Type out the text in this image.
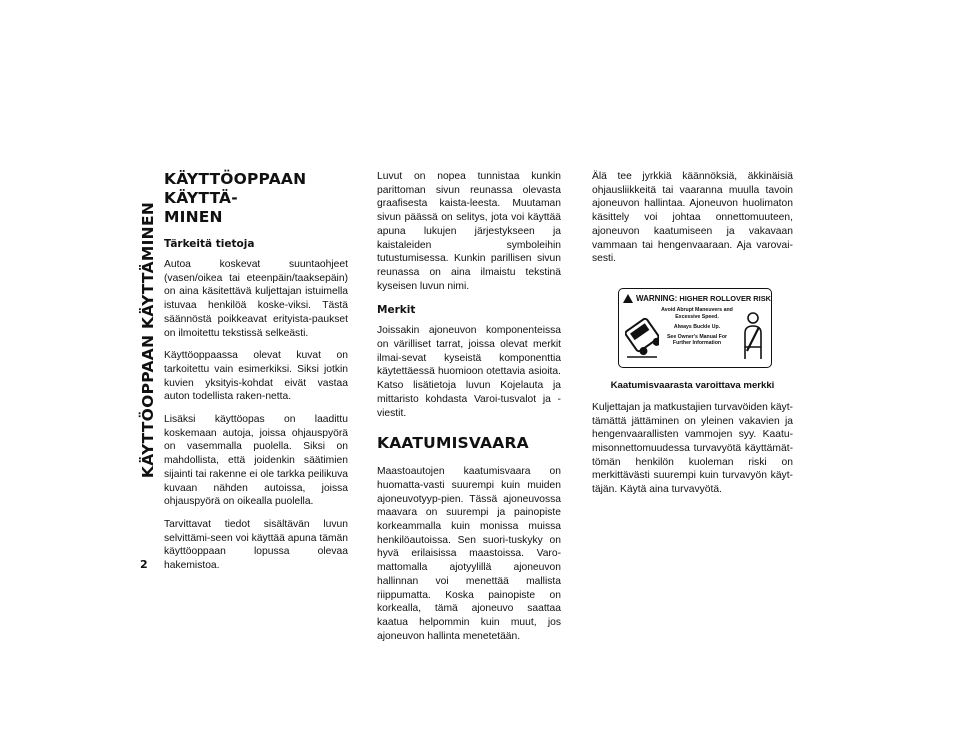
KÄYTTÖOPPAAN KÄYTTÄMINEN
2
KÄYTTÖOPPAAN KÄYTTÄ-
MINEN
Tärkeitä tietoja

Autoa koskevat suuntaohjeet (vasen/oikea tai eteenpäin/taaksepäin) on aina käsitettävä kuljettajan istuimella istuvaa henkilöä koske-viksi. Tästä säännöstä poikkeavat erityista-paukset on ilmoitettu tekstissä selkeästi.

Käyttöoppaassa olevat kuvat on tarkoitettu vain esimerkiksi. Siksi jotkin kuvien yksityis-kohdat eivät vastaa auton todellista raken-netta.

Lisäksi käyttöopas on laadittu koskemaan autoja, joissa ohjauspyörä on vasemmalla puolella. Siksi on mahdollista, että joidenkin säätimien sijainti tai rakenne ei ole tarkka peilikuva kuvaan nähden autoissa, joissa ohjauspyörä on oikealla puolella.

Tarvittavat tiedot sisältävän luvun selvittämi-seen voi käyttää apuna tämän käyttöoppaan lopussa olevaa hakemistoa.

Luvut on nopea tunnistaa kunkin parittoman sivun reunassa olevasta graafisesta kaista-leesta. Muutaman sivun päässä on selitys, jota voi käyttää apuna lukujen järjestykseen ja kaistaleiden symboleihin tutustumisessa. Kunkin parillisen sivun reunassa on aina ilmaistu tekstinä kyseisen luvun nimi.

Merkit

Joissakin ajoneuvon komponenteissa on värilliset tarrat, joissa olevat merkit ilmai-sevat kyseistä komponenttia käytettäessä huomioon otettavia asioita. Katso lisätietoja luvun Kojelauta ja mittaristo kohdasta Varoi-tusvalot ja -viestit.

KAATUMISVAARA

Maastoautojen kaatumisvaara on huomatta-vasti suurempi kuin muiden ajoneuvotyyp-pien. Tässä ajoneuvossa maavara on suurempi ja painopiste korkeammalla kuin monissa muissa henkilöautoissa. Sen suori-tuskyky on hyvä erilaisissa maastoissa. Varo-mattomalla ajotyylillä ajoneuvon hallinnan voi menettää mallista riippumatta. Koska painopiste on korkealla, tämä ajoneuvo saattaa kaatua helpommin kuin muut, jos ajoneuvon hallinta menetetään.

Älä tee jyrkkiä käännöksiä, äkkinäisiä ohjausliikkeitä tai vaaranna muulla tavoin ajoneuvon hallintaa. Ajoneuvon huolimaton käsittely voi johtaa onnettomuuteen, ajoneuvon kaatumiseen ja vakavaan vammaan tai hengenvaaraan. Aja varovai-sesti.

WARNING: HIGHER ROLLOVER RISK
Avoid Abrupt Maneuvers and Excessive Speed.
Always Buckle Up.
See Owner's Manual For Further Information
Kaatumisvaarasta varoittava merkki

Kuljettajan ja matkustajien turvavöiden käyt-tämättä jättäminen on yleinen vakavien ja hengenvaarallisten vammojen syy. Kaatu-misonnettomuudessa turvavyötä käyttämät-tömän henkilön kuoleman riski on merkittävästi suurempi kuin turvavyön käyt-täjän. Käytä aina turvavyötä.
